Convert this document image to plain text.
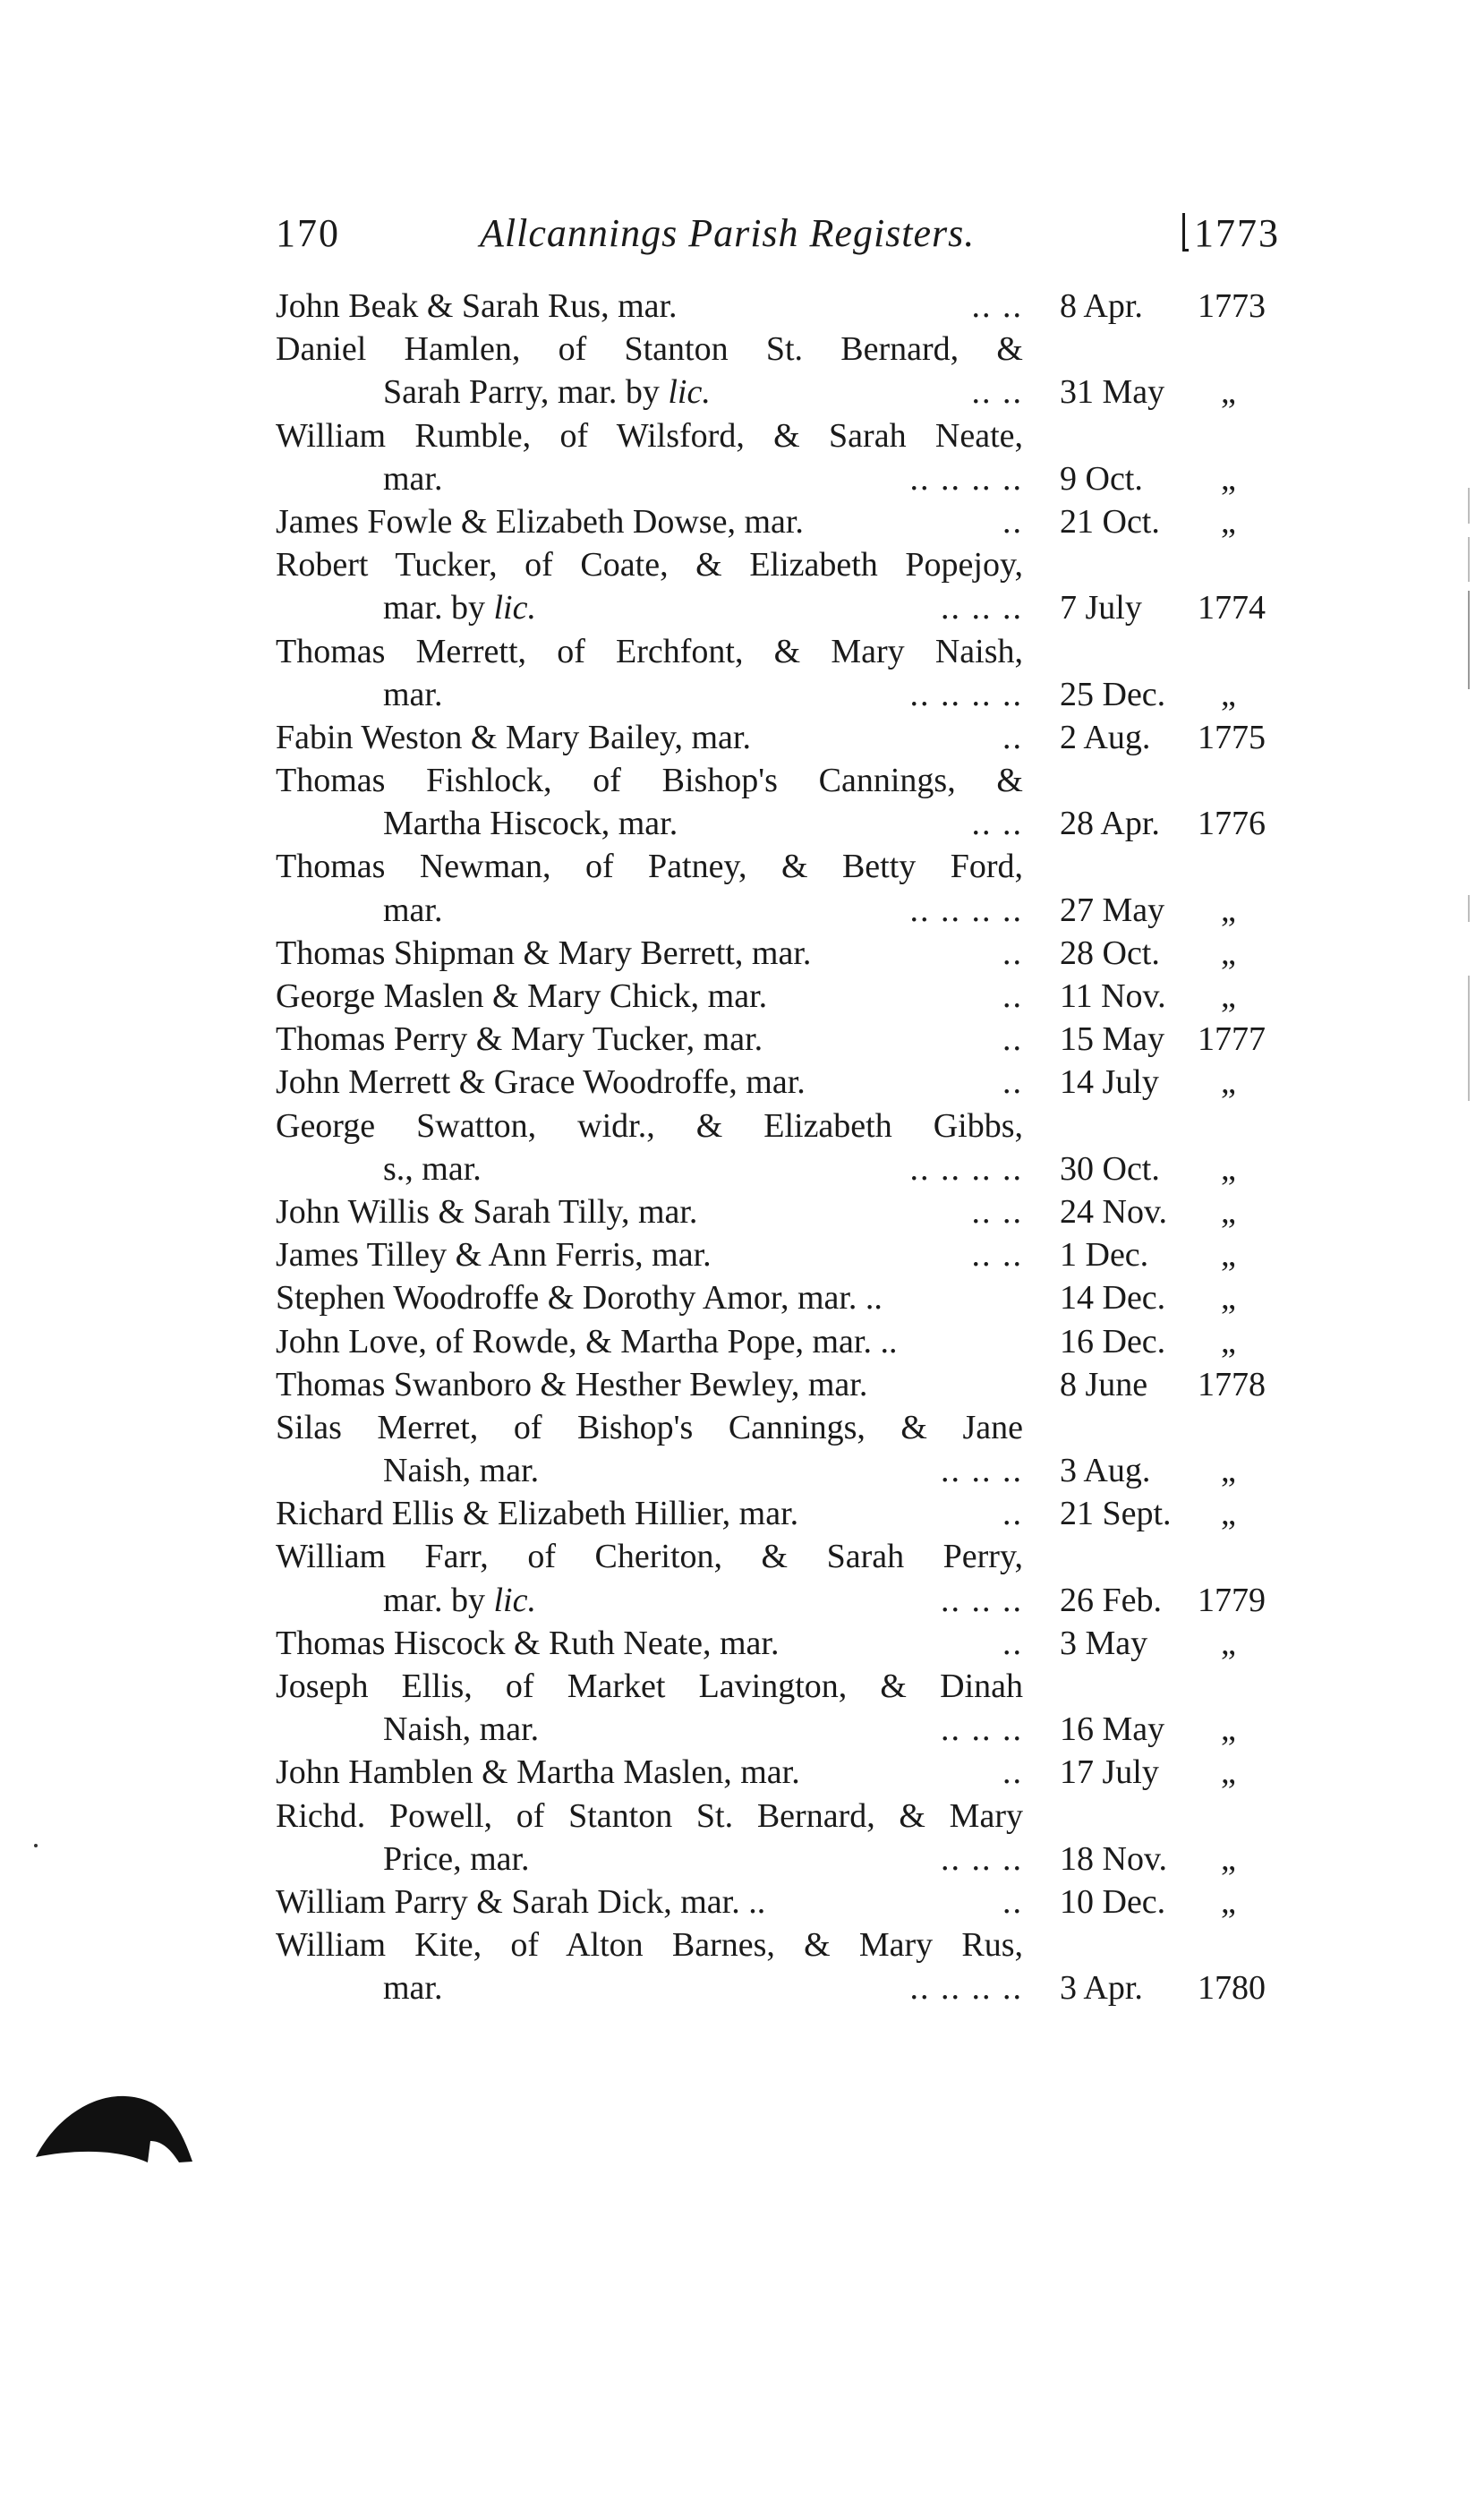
170	Allcannings Parish Registers.	1773
John Beak & Sarah Rus, mar.	.. .. 8 Apr. 1773
Daniel Hamlen, of Stanton St. Bernard, &
Sarah Parry, mar. by lic.	.. .. 31 May „
William Rumble, of Wilsford, & Sarah Neate,
mar.	.. .. .. .. 9 Oct. „
James Fowle & Elizabeth Dowse, mar.	.. 21 Oct. „
Robert Tucker, of Coate, & Elizabeth Popejoy,
mar. by lic.	.. .. .. 7 July 1774
Thomas Merrett, of Erchfont, & Mary Naish,
mar.	.. .. .. .. 25 Dec. „
Fabin Weston & Mary Bailey, mar.	.. 2 Aug. 1775
Thomas Fishlock, of Bishop's Cannings, &
Martha Hiscock, mar.	.. .. 28 Apr. 1776
Thomas Newman, of Patney, & Betty Ford,
mar.	.. .. .. .. 27 May „
Thomas Shipman & Mary Berrett, mar.	.. 28 Oct. „
George Maslen & Mary Chick, mar.	.. 11 Nov. „
Thomas Perry & Mary Tucker, mar.	.. 15 May 1777
John Merrett & Grace Woodroffe, mar.	.. 14 July „
George Swatton, widr., & Elizabeth Gibbs,
s., mar.	.. .. .. .. 30 Oct. „
John Willis & Sarah Tilly, mar.	.. .. 24 Nov. „
James Tilley & Ann Ferris, mar.	.. .. 1 Dec. „
Stephen Woodroffe & Dorothy Amor, mar. ..	14 Dec. „
John Love, of Rowde, & Martha Pope, mar. ..	16 Dec. „
Thomas Swanboro & Hesther Bewley, mar.	8 June 1778
Silas Merret, of Bishop's Cannings, & Jane
Naish, mar.	.. .. .. 3 Aug. „
Richard Ellis & Elizabeth Hillier, mar.	.. 21 Sept. „
William Farr, of Cheriton, & Sarah Perry,
mar. by lic.	.. .. .. 26 Feb. 1779
Thomas Hiscock & Ruth Neate, mar.	.. 3 May „
Joseph Ellis, of Market Lavington, & Dinah
Naish, mar.	.. .. .. 16 May „
John Hamblen & Martha Maslen, mar.	.. 17 July „
Richd. Powell, of Stanton St. Bernard, & Mary
Price, mar.	.. .. .. 18 Nov. „
William Parry & Sarah Dick, mar. ..	.. 10 Dec. „
William Kite, of Alton Barnes, & Mary Rus,
mar.	.. .. .. .. 3 Apr. 1780
